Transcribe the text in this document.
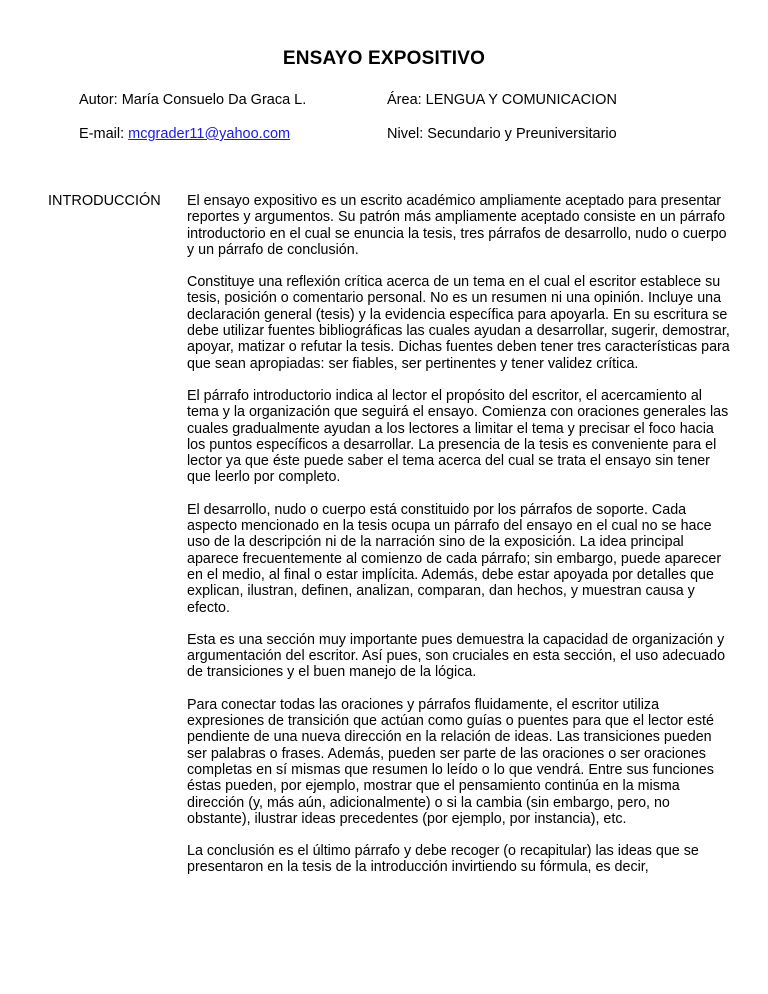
ENSAYO EXPOSITIVO
Autor: María Consuelo Da Graca L.	Área: LENGUA Y COMUNICACION
E-mail: mcgrader11@yahoo.com	Nivel: Secundario y Preuniversitario
INTRODUCCIÓN El ensayo expositivo es un escrito académico ampliamente aceptado para presentar reportes y argumentos. Su patrón más ampliamente aceptado consiste en un párrafo introductorio en el cual se enuncia la tesis, tres párrafos de desarrollo, nudo o cuerpo y un párrafo de conclusión.

Constituye una reflexión crítica acerca de un tema en el cual el escritor establece su tesis, posición o comentario personal. No es un resumen ni una opinión. Incluye una declaración general (tesis) y la evidencia específica para apoyarla. En su escritura se debe utilizar fuentes bibliográficas las cuales ayudan a desarrollar, sugerir, demostrar, apoyar, matizar o refutar la tesis. Dichas fuentes deben tener tres características para que sean apropiadas: ser fiables, ser pertinentes y tener validez crítica.

El párrafo introductorio indica al lector el propósito del escritor, el acercamiento al tema y la organización que seguirá el ensayo. Comienza con oraciones generales las cuales gradualmente ayudan a los lectores a limitar el tema y precisar el foco hacia los puntos específicos a desarrollar. La presencia de la tesis es conveniente para el lector ya que éste puede saber el tema acerca del cual se trata el ensayo sin tener que leerlo por completo.

El desarrollo, nudo o cuerpo está constituido por los párrafos de soporte. Cada aspecto mencionado en la tesis ocupa un párrafo del ensayo en el cual no se hace uso de la descripción ni de la narración sino de la exposición. La idea principal aparece frecuentemente al comienzo de cada párrafo; sin embargo, puede aparecer en el medio, al final o estar implícita. Además, debe estar apoyada por detalles que explican, ilustran, definen, analizan, comparan, dan hechos, y muestran causa y efecto.

Esta es una sección muy importante pues demuestra la capacidad de organización y argumentación del escritor. Así pues, son cruciales en esta sección, el uso adecuado de transiciones y el buen manejo de la lógica.

Para conectar todas las oraciones y párrafos fluidamente, el escritor utiliza expresiones de transición que actúan como guías o puentes para que el lector esté pendiente de una nueva dirección en la relación de ideas. Las transiciones pueden ser palabras o frases. Además, pueden ser parte de las oraciones o ser oraciones completas en sí mismas que resumen lo leído o lo que vendrá. Entre sus funciones éstas pueden, por ejemplo, mostrar que el pensamiento continúa en la misma dirección (y, más aún, adicionalmente) o si la cambia (sin embargo, pero, no obstante), ilustrar ideas precedentes (por ejemplo, por instancia), etc.

La conclusión es el último párrafo y debe recoger (o recapitular) las ideas que se presentaron en la tesis de la introducción invirtiendo su fórmula, es decir,
